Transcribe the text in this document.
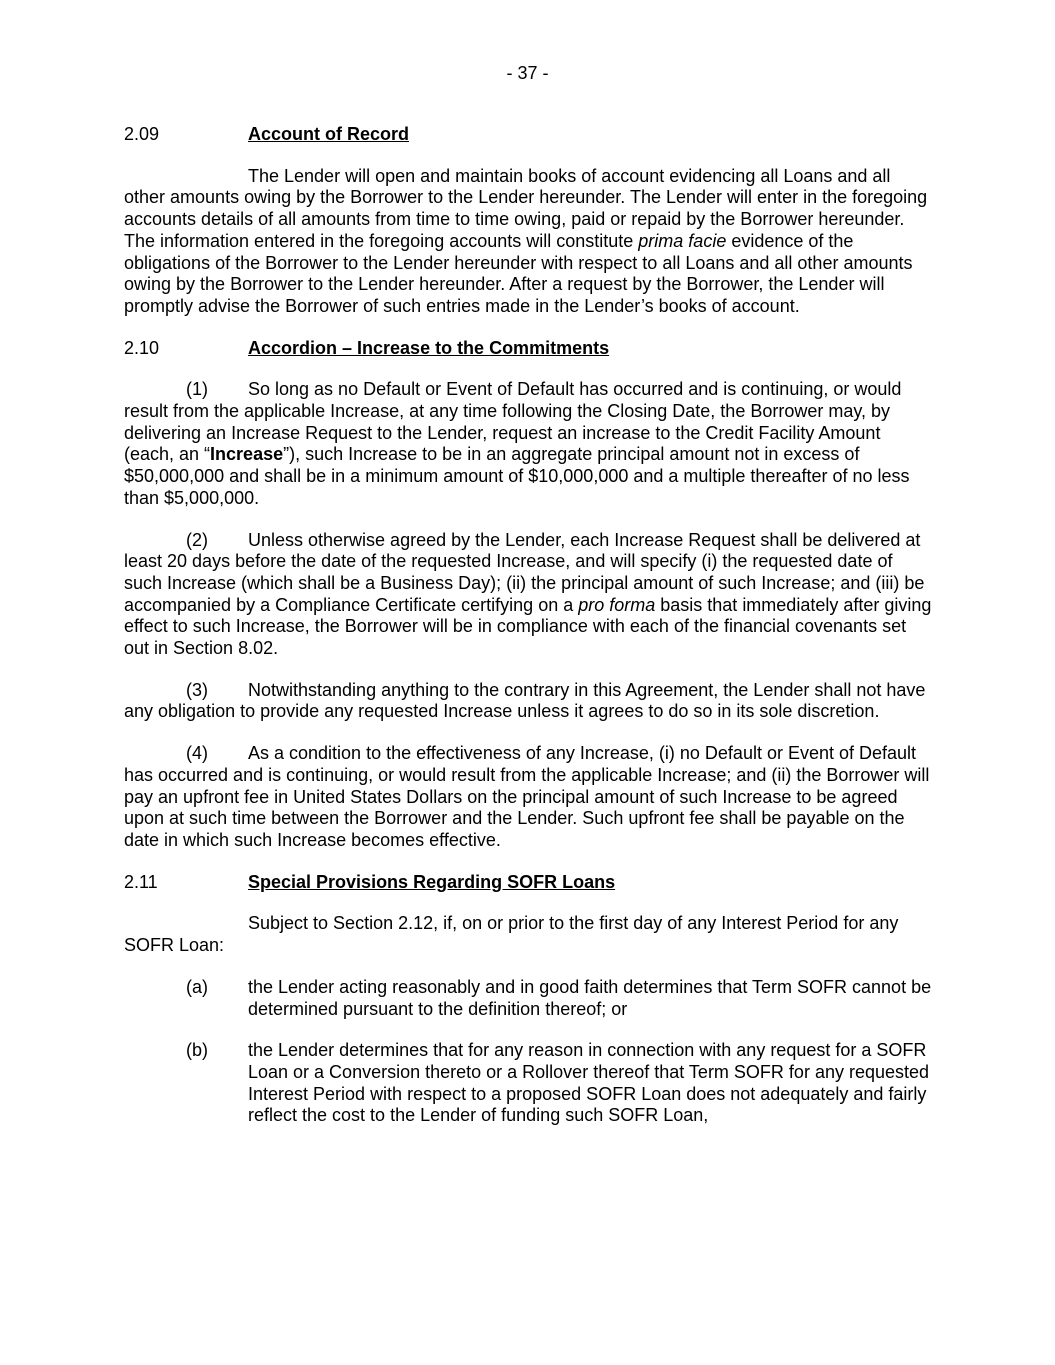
- 37 -
2.09	Account of Record

The Lender will open and maintain books of account evidencing all Loans and all other amounts owing by the Borrower to the Lender hereunder. The Lender will enter in the foregoing accounts details of all amounts from time to time owing, paid or repaid by the Borrower hereunder. The information entered in the foregoing accounts will constitute prima facie evidence of the obligations of the Borrower to the Lender hereunder with respect to all Loans and all other amounts owing by the Borrower to the Lender hereunder. After a request by the Borrower, the Lender will promptly advise the Borrower of such entries made in the Lender’s books of account.

2.10	Accordion – Increase to the Commitments

(1) So long as no Default or Event of Default has occurred and is continuing, or would result from the applicable Increase, at any time following the Closing Date, the Borrower may, by delivering an Increase Request to the Lender, request an increase to the Credit Facility Amount (each, an “Increase”), such Increase to be in an aggregate principal amount not in excess of $50,000,000 and shall be in a minimum amount of $10,000,000 and a multiple thereafter of no less than $5,000,000.

(2) Unless otherwise agreed by the Lender, each Increase Request shall be delivered at least 20 days before the date of the requested Increase, and will specify (i) the requested date of such Increase (which shall be a Business Day); (ii) the principal amount of such Increase; and (iii) be accompanied by a Compliance Certificate certifying on a pro forma basis that immediately after giving effect to such Increase, the Borrower will be in compliance with each of the financial covenants set out in Section 8.02.

(3) Notwithstanding anything to the contrary in this Agreement, the Lender shall not have any obligation to provide any requested Increase unless it agrees to do so in its sole discretion.

(4) As a condition to the effectiveness of any Increase, (i) no Default or Event of Default has occurred and is continuing, or would result from the applicable Increase; and (ii) the Borrower will pay an upfront fee in United States Dollars on the principal amount of such Increase to be agreed upon at such time between the Borrower and the Lender. Such upfront fee shall be payable on the date in which such Increase becomes effective.

2.11	Special Provisions Regarding SOFR Loans

Subject to Section 2.12, if, on or prior to the first day of any Interest Period for any SOFR Loan:

(a)	the Lender acting reasonably and in good faith determines that Term SOFR cannot be determined pursuant to the definition thereof; or
(b)	the Lender determines that for any reason in connection with any request for a SOFR Loan or a Conversion thereto or a Rollover thereof that Term SOFR for any requested Interest Period with respect to a proposed SOFR Loan does not adequately and fairly reflect the cost to the Lender of funding such SOFR Loan,
